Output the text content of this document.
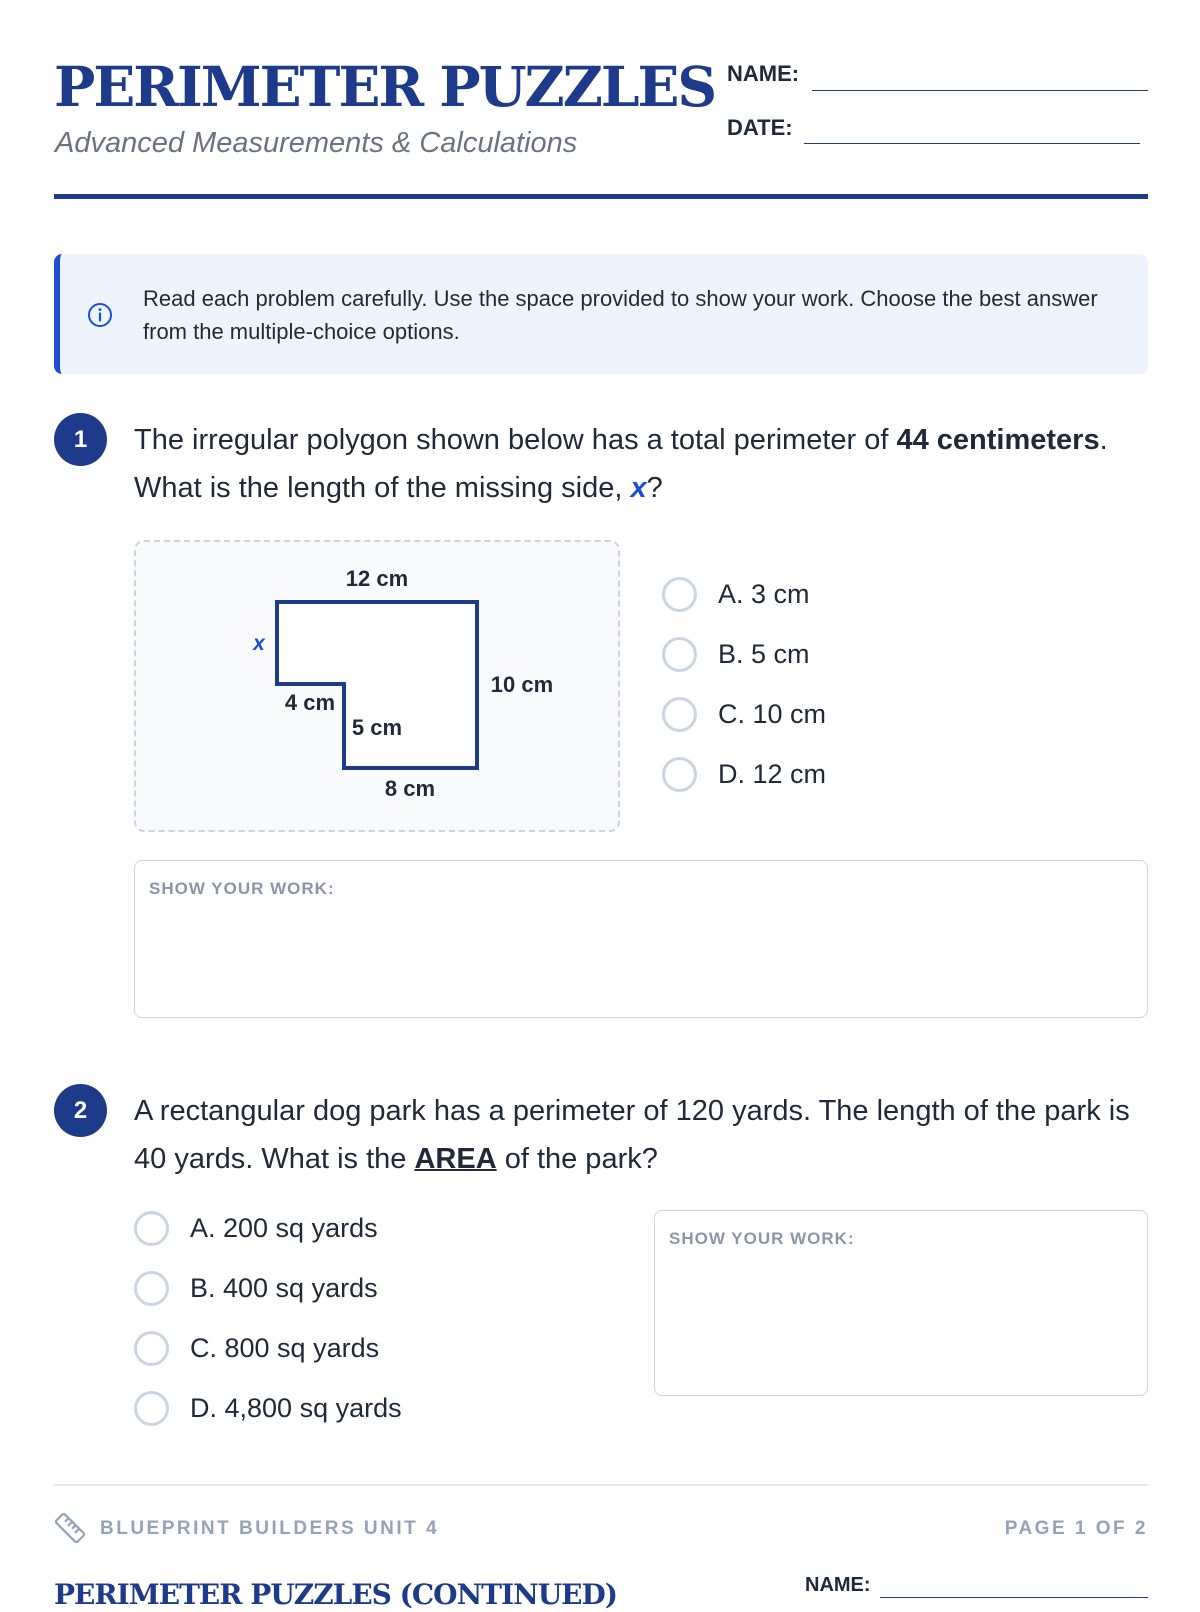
PERIMETER PUZZLES
Advanced Measurements & Calculations
NAME:
DATE:
Read each problem carefully. Use the space provided to show your work. Choose the best answer from the multiple-choice options.
1	The irregular polygon shown below has a total perimeter of 44 centimeters. What is the length of the missing side, x?
12 cm
x
10 cm
4 cm
5 cm
8 cm
A. 3 cm
B. 5 cm
C. 10 cm
D. 12 cm
SHOW YOUR WORK:
2	A rectangular dog park has a perimeter of 120 yards. The length of the park is 40 yards. What is the AREA of the park?
A. 200 sq yards
B. 400 sq yards
C. 800 sq yards
D. 4,800 sq yards
SHOW YOUR WORK:
BLUEPRINT BUILDERS UNIT 4	PAGE 1 OF 2
PERIMETER PUZZLES (CONTINUED)	NAME:
